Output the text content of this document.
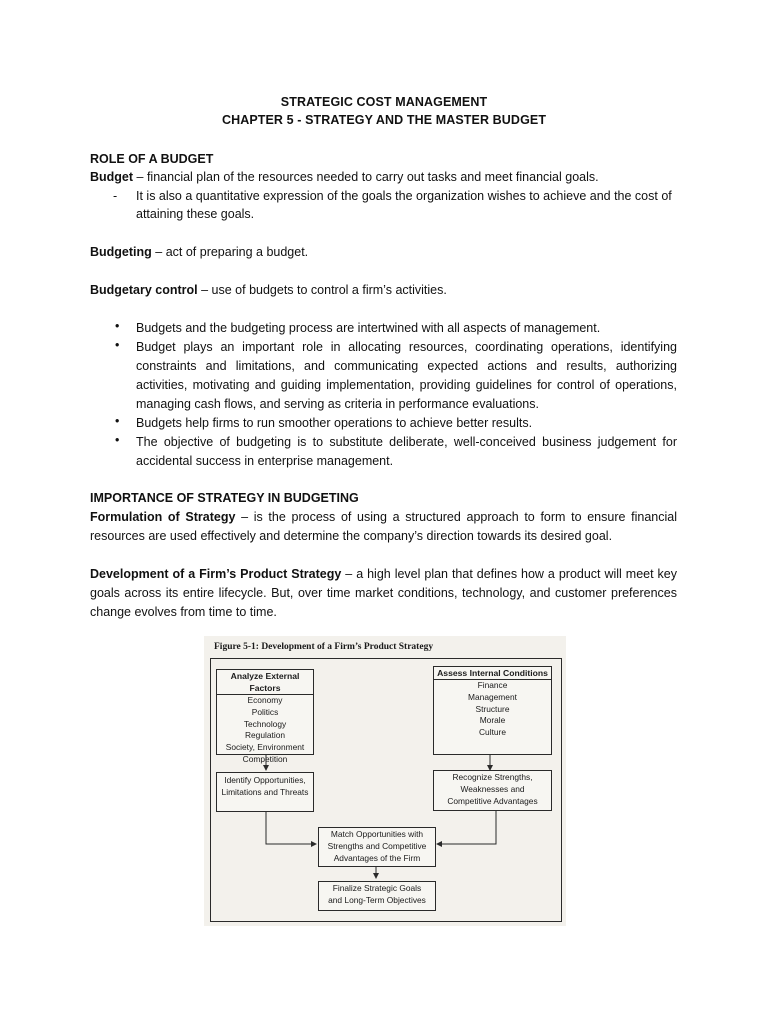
STRATEGIC COST MANAGEMENT
CHAPTER 5 - STRATEGY AND THE MASTER BUDGET
ROLE OF A BUDGET
Budget – financial plan of the resources needed to carry out tasks and meet financial goals.
- It is also a quantitative expression of the goals the organization wishes to achieve and the cost of
attaining these goals.
Budgeting – act of preparing a budget.
Budgetary control – use of budgets to control a firm’s activities.
• Budgets and the budgeting process are intertwined with all aspects of management.
• Budget plays an important role in allocating resources, coordinating operations, identifying
constraints and limitations, and communicating expected actions and results, authorizing
activities, motivating and guiding implementation, providing guidelines for control of operations,
managing cash flows, and serving as criteria in performance evaluations.
• Budgets help firms to run smoother operations to achieve better results.
• The objective of budgeting is to substitute deliberate, well-conceived business judgement for
accidental success in enterprise management.
IMPORTANCE OF STRATEGY IN BUDGETING
Formulation of Strategy – is the process of using a structured approach to form to ensure financial
resources are used effectively and determine the company’s direction towards its desired goal.
Development of a Firm’s Product Strategy – a high level plan that defines how a product will meet key
goals across its entire lifecycle. But, over time market conditions, technology, and customer preferences
change evolves from time to time.
Figure 5-1: Development of a Firm’s Product Strategy
Analyze External Factors
Economy
Politics
Technology
Regulation
Society, Environment
Competition
Assess Internal Conditions
Finance
Management
Structure
Morale
Culture
Identify Opportunities,
Limitations and Threats
Recognize Strengths,
Weaknesses and
Competitive Advantages
Match Opportunities with
Strengths and Competitive
Advantages of the Firm
Finalize Strategic Goals
and Long-Term Objectives
